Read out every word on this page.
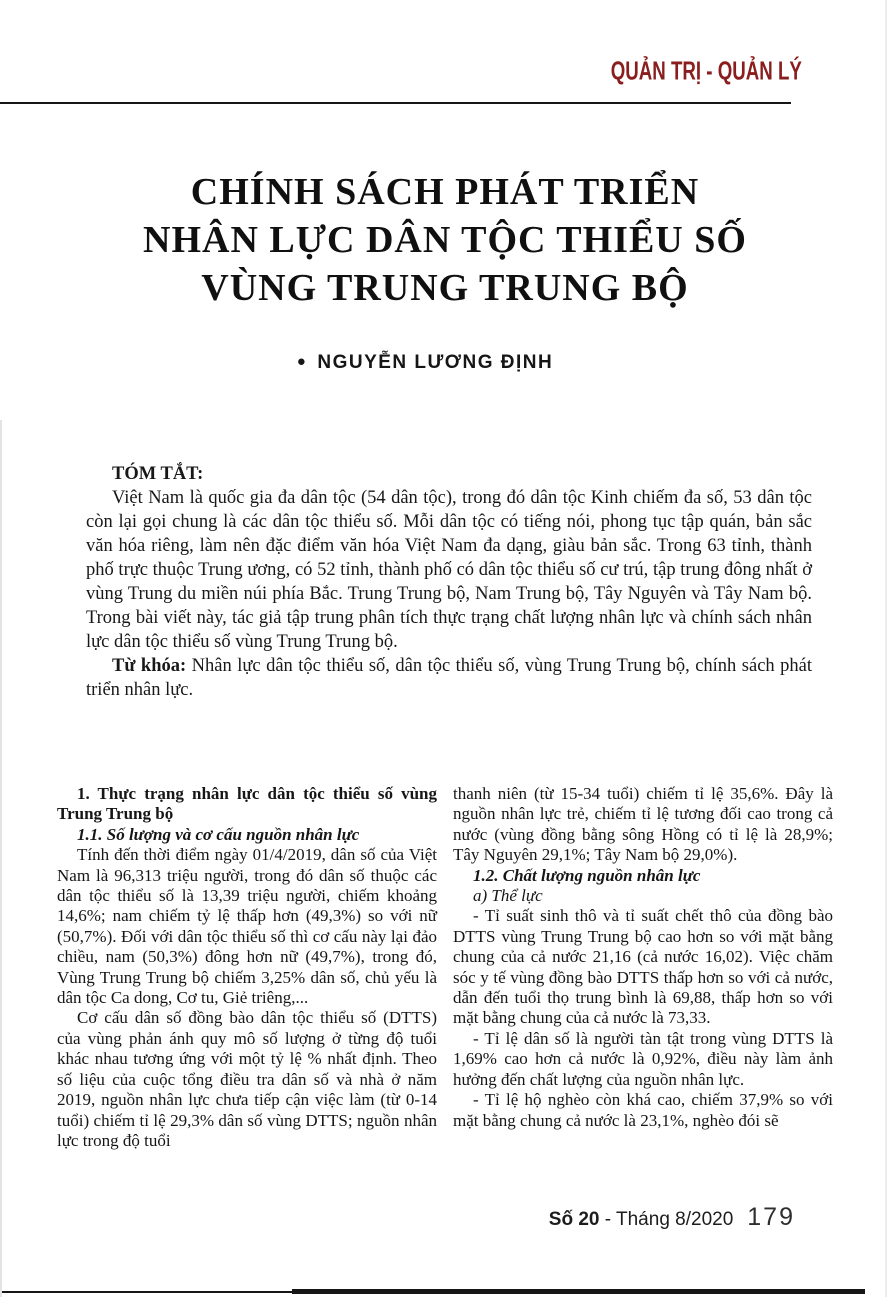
QUẢN TRỊ - QUẢN LÝ
CHÍNH SÁCH PHÁT TRIỂN
NHÂN LỰC DÂN TỘC THIỂU SỐ
VÙNG TRUNG TRUNG BỘ
● NGUYỄN LƯƠNG ĐỊNH

TÓM TẮT:

Việt Nam là quốc gia đa dân tộc (54 dân tộc), trong đó dân tộc Kinh chiếm đa số, 53 dân tộc còn lại gọi chung là các dân tộc thiểu số. Mỗi dân tộc có tiếng nói, phong tục tập quán, bản sắc văn hóa riêng, làm nên đặc điểm văn hóa Việt Nam đa dạng, giàu bản sắc. Trong 63 tỉnh, thành phố trực thuộc Trung ương, có 52 tỉnh, thành phố có dân tộc thiểu số cư trú, tập trung đông nhất ở vùng Trung du miền núi phía Bắc. Trung Trung bộ, Nam Trung bộ, Tây Nguyên và Tây Nam bộ. Trong bài viết này, tác giả tập trung phân tích thực trạng chất lượng nhân lực và chính sách nhân lực dân tộc thiểu số vùng Trung Trung bộ.

Từ khóa: Nhân lực dân tộc thiểu số, dân tộc thiểu số, vùng Trung Trung bộ, chính sách phát triển nhân lực.

1. Thực trạng nhân lực dân tộc thiểu số vùng Trung Trung bộ

1.1. Số lượng và cơ cấu nguồn nhân lực

Tính đến thời điểm ngày 01/4/2019, dân số của Việt Nam là 96,313 triệu người, trong đó dân số thuộc các dân tộc thiểu số là 13,39 triệu người, chiếm khoảng 14,6%; nam chiếm tỷ lệ thấp hơn (49,3%) so với nữ (50,7%). Đối với dân tộc thiểu số thì cơ cấu này lại đảo chiều, nam (50,3%) đông hơn nữ (49,7%), trong đó, Vùng Trung Trung bộ chiếm 3,25% dân số, chủ yếu là dân tộc Ca dong, Cơ tu, Giẻ triêng,...

Cơ cấu dân số đồng bào dân tộc thiểu số (DTTS) của vùng phản ánh quy mô số lượng ở từng độ tuổi khác nhau tương ứng với một tỷ lệ % nhất định. Theo số liệu của cuộc tổng điều tra dân số và nhà ở năm 2019, nguồn nhân lực chưa tiếp cận việc làm (từ 0-14 tuổi) chiếm tỉ lệ 29,3% dân số vùng DTTS; nguồn nhân lực trong độ tuổi

thanh niên (từ 15-34 tuổi) chiếm tỉ lệ 35,6%. Đây là nguồn nhân lực trẻ, chiếm tỉ lệ tương đối cao trong cả nước (vùng đồng bằng sông Hồng có tỉ lệ là 28,9%; Tây Nguyên 29,1%; Tây Nam bộ 29,0%).

1.2. Chất lượng nguồn nhân lực

a) Thể lực

- Tỉ suất sinh thô và tỉ suất chết thô của đồng bào DTTS vùng Trung Trung bộ cao hơn so với mặt bằng chung của cả nước 21,16 (cả nước 16,02). Việc chăm sóc y tế vùng đồng bào DTTS thấp hơn so với cả nước, dẫn đến tuổi thọ trung bình là 69,88, thấp hơn so với mặt bằng chung của cả nước là 73,33.

- Tỉ lệ dân số là người tàn tật trong vùng DTTS là 1,69% cao hơn cả nước là 0,92%, điều này làm ảnh hưởng đến chất lượng của nguồn nhân lực.

- Tỉ lệ hộ nghèo còn khá cao, chiếm 37,9% so với mặt bằng chung cả nước là 23,1%, nghèo đói sẽ

Số 20 - Tháng 8/2020 179
